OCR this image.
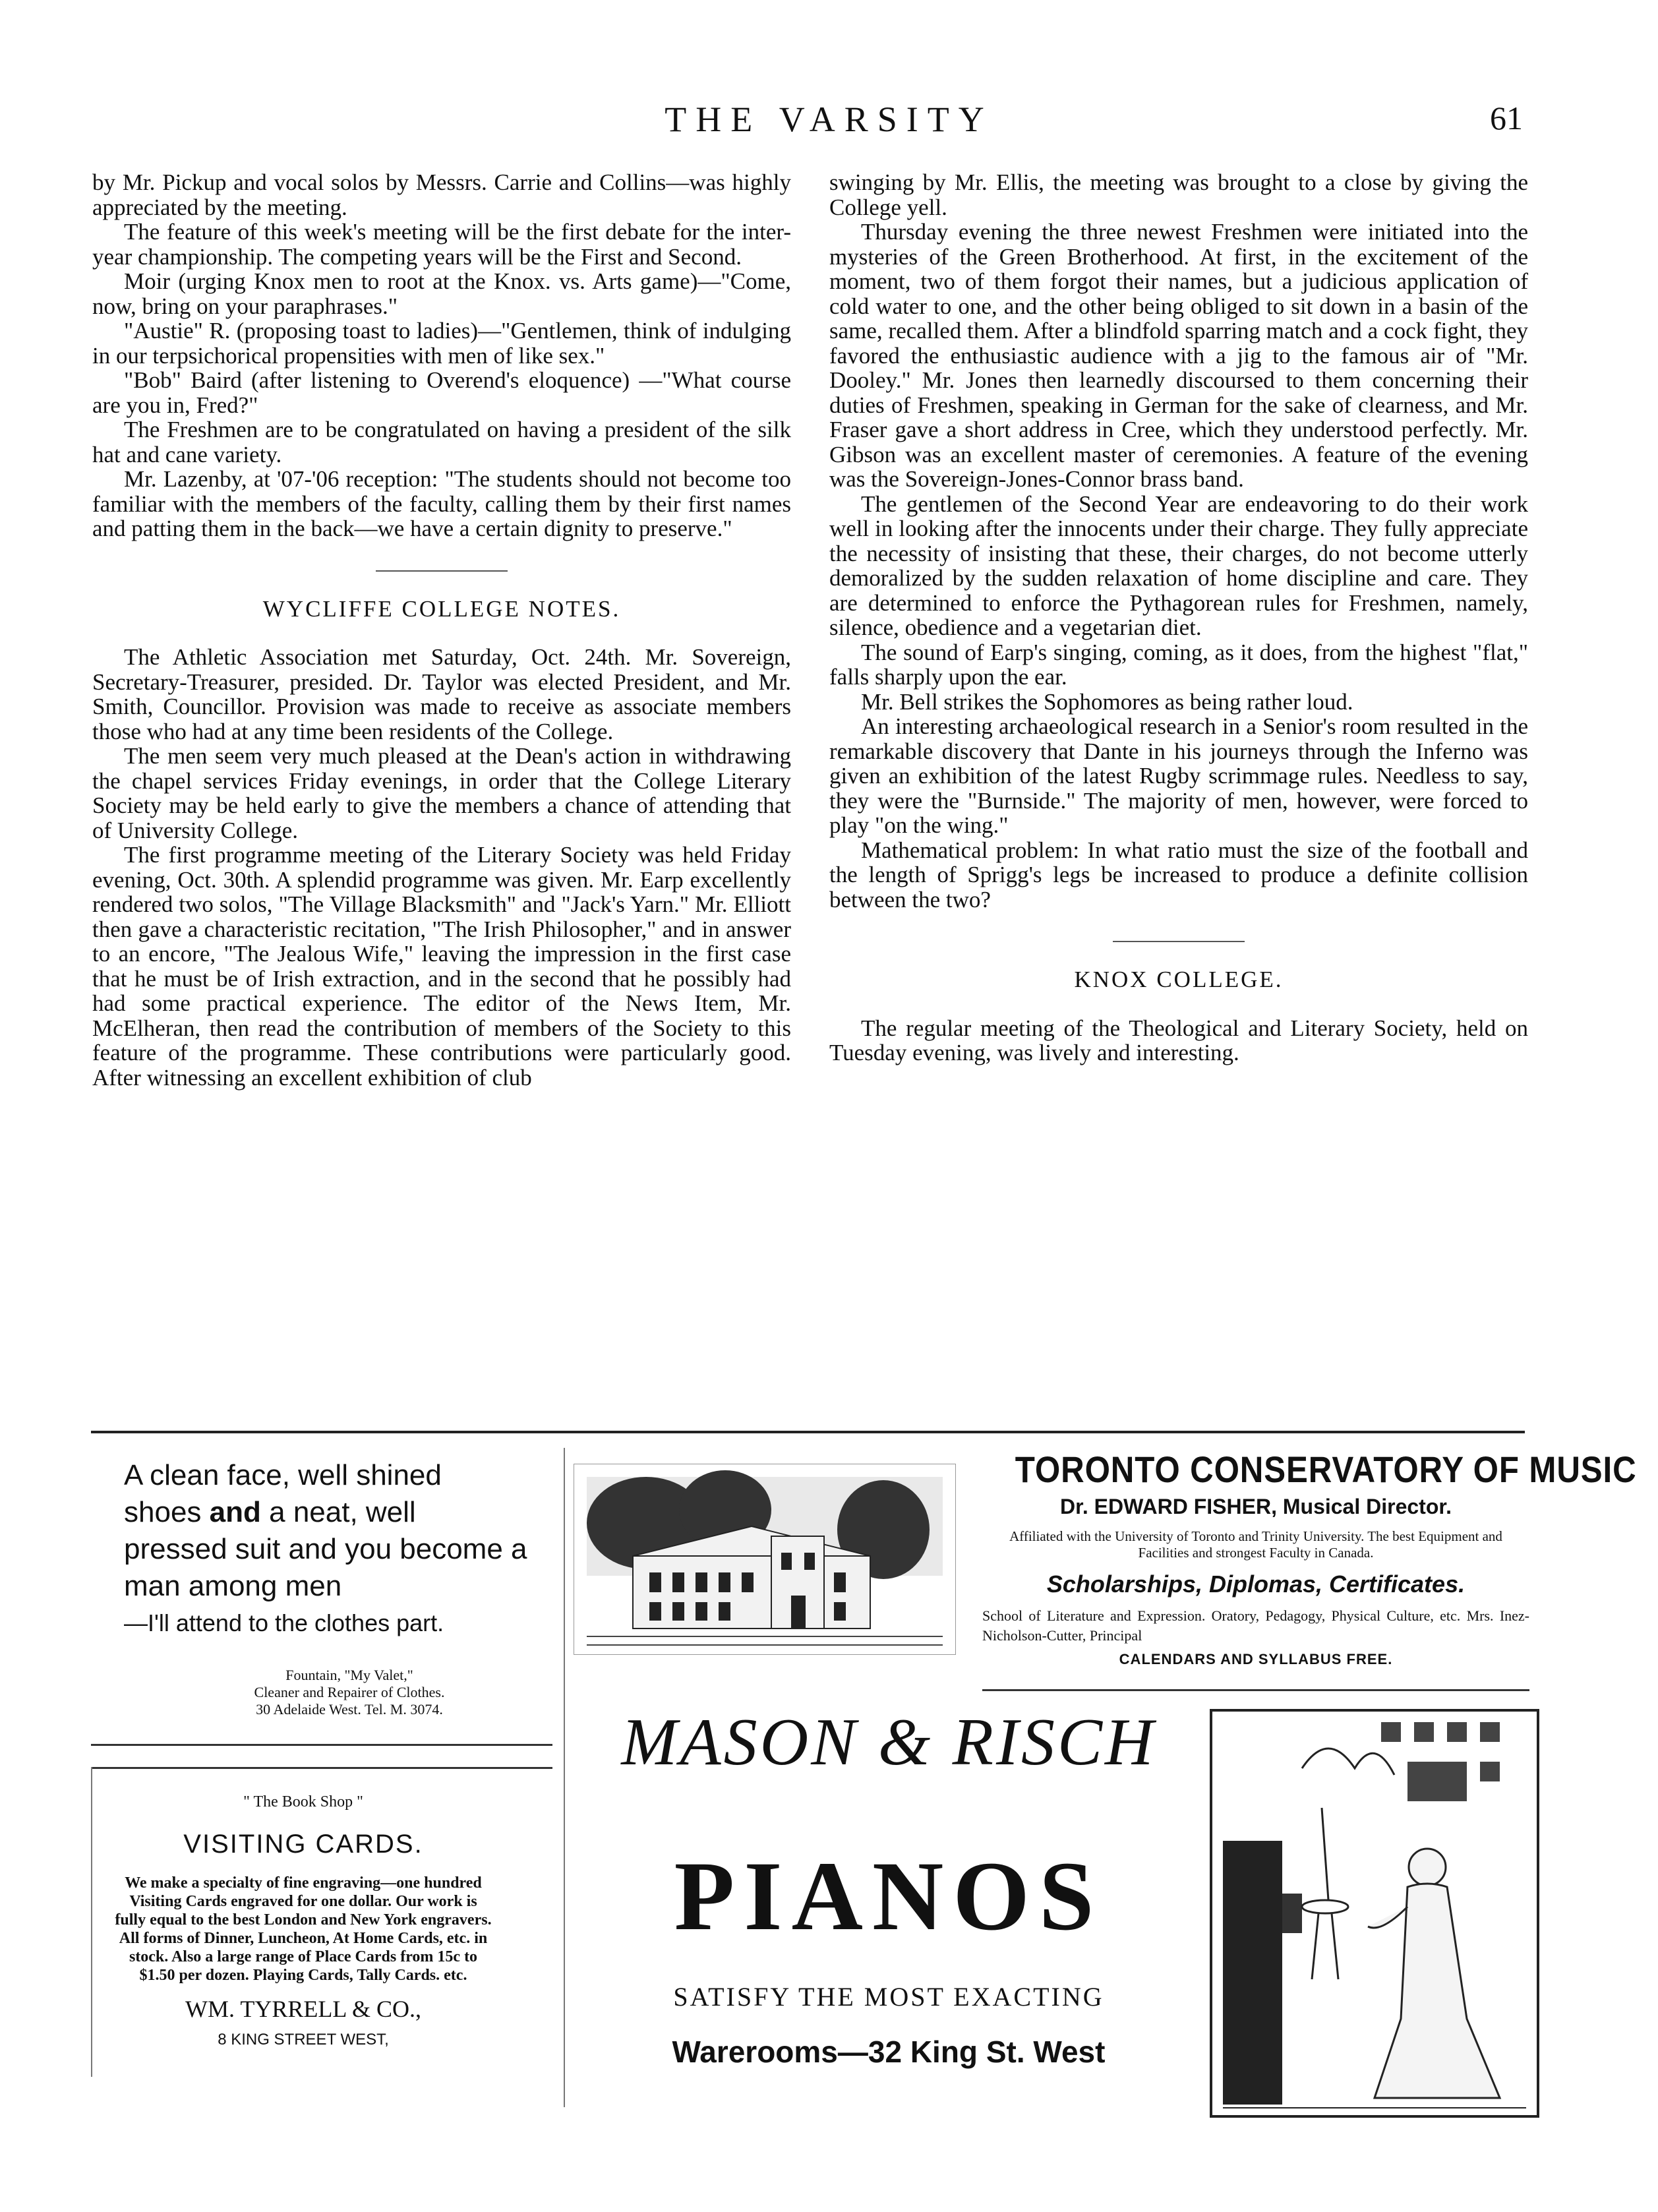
THE VARSITY	61

by Mr. Pickup and vocal solos by Messrs. Carrie and Collins—was highly appreciated by the meeting.

The feature of this week's meeting will be the first debate for the inter-year championship. The competing years will be the First and Second.

Moir (urging Knox men to root at the Knox. vs. Arts game)—"Come, now, bring on your paraphrases."

"Austie" R. (proposing toast to ladies)—"Gentlemen, think of indulging in our terpsichorical propensities with men of like sex."

"Bob" Baird (after listening to Overend's eloquence) —"What course are you in, Fred?"

The Freshmen are to be congratulated on having a president of the silk hat and cane variety.

Mr. Lazenby, at '07-'06 reception: "The students should not become too familiar with the members of the faculty, calling them by their first names and patting them in the back—we have a certain dignity to preserve."

WYCLIFFE COLLEGE NOTES.

The Athletic Association met Saturday, Oct. 24th. Mr. Sovereign, Secretary-Treasurer, presided. Dr. Taylor was elected President, and Mr. Smith, Councillor. Provision was made to receive as associate members those who had at any time been residents of the College.

The men seem very much pleased at the Dean's action in withdrawing the chapel services Friday evenings, in order that the College Literary Society may be held early to give the members a chance of attending that of University College.

The first programme meeting of the Literary Society was held Friday evening, Oct. 30th. A splendid programme was given. Mr. Earp excellently rendered two solos, "The Village Blacksmith" and "Jack's Yarn." Mr. Elliott then gave a characteristic recitation, "The Irish Philosopher," and in answer to an encore, "The Jealous Wife," leaving the impression in the first case that he must be of Irish extraction, and in the second that he possibly had had some practical experience. The editor of the News Item, Mr. McElheran, then read the contribution of members of the Society to this feature of the programme. These contributions were particularly good. After witnessing an excellent exhibition of club

swinging by Mr. Ellis, the meeting was brought to a close by giving the College yell.

Thursday evening the three newest Freshmen were initiated into the mysteries of the Green Brotherhood. At first, in the excitement of the moment, two of them forgot their names, but a judicious application of cold water to one, and the other being obliged to sit down in a basin of the same, recalled them. After a blindfold sparring match and a cock fight, they favored the enthusiastic audience with a jig to the famous air of "Mr. Dooley." Mr. Jones then learnedly discoursed to them concerning their duties of Freshmen, speaking in German for the sake of clearness, and Mr. Fraser gave a short address in Cree, which they understood perfectly. Mr. Gibson was an excellent master of ceremonies. A feature of the evening was the Sovereign-Jones-Connor brass band.

The gentlemen of the Second Year are endeavoring to do their work well in looking after the innocents under their charge. They fully appreciate the necessity of insisting that these, their charges, do not become utterly demoralized by the sudden relaxation of home discipline and care. They are determined to enforce the Pythagorean rules for Freshmen, namely, silence, obedience and a vegetarian diet.

The sound of Earp's singing, coming, as it does, from the highest "flat," falls sharply upon the ear.

Mr. Bell strikes the Sophomores as being rather loud.

An interesting archaeological research in a Senior's room resulted in the remarkable discovery that Dante in his journeys through the Inferno was given an exhibition of the latest Rugby scrimmage rules. Needless to say, they were the "Burnside." The majority of men, however, were forced to play "on the wing."

Mathematical problem: In what ratio must the size of the football and the length of Sprigg's legs be increased to produce a definite collision between the two?

KNOX COLLEGE.

The regular meeting of the Theological and Literary Society, held on Tuesday evening, was lively and interesting.

A clean face, well shined
shoes and a neat, well
pressed suit and you become a man among men
—I'll attend to the clothes part.
Fountain, "My Valet,"
Cleaner and Repairer of Clothes.
30 Adelaide West. Tel. M. 3074.
" The Book Shop "
VISITING CARDS.
We make a specialty of fine engraving—one hundred Visiting Cards engraved for one dollar. Our work is fully equal to the best London and New York engravers. All forms of Dinner, Luncheon, At Home Cards, etc. in stock. Also a large range of Place Cards from 15c to $1.50 per dozen. Playing Cards, Tally Cards. etc.
WM. TYRRELL & CO.,
8 KING STREET WEST,
TORONTO CONSERVATORY OF MUSIC
Dr. EDWARD FISHER, Musical Director.
Affiliated with the University of Toronto and Trinity University. The best Equipment and Facilities and strongest Faculty in Canada.
Scholarships, Diplomas, Certificates.
School of Literature and Expression. Oratory, Pedagogy, Physical Culture, etc. Mrs. Inez-Nicholson-Cutter, Principal
CALENDARS AND SYLLABUS FREE.
MASON & RISCH
PIANOS
SATISFY THE MOST EXACTING
Warerooms—32 King St. West
